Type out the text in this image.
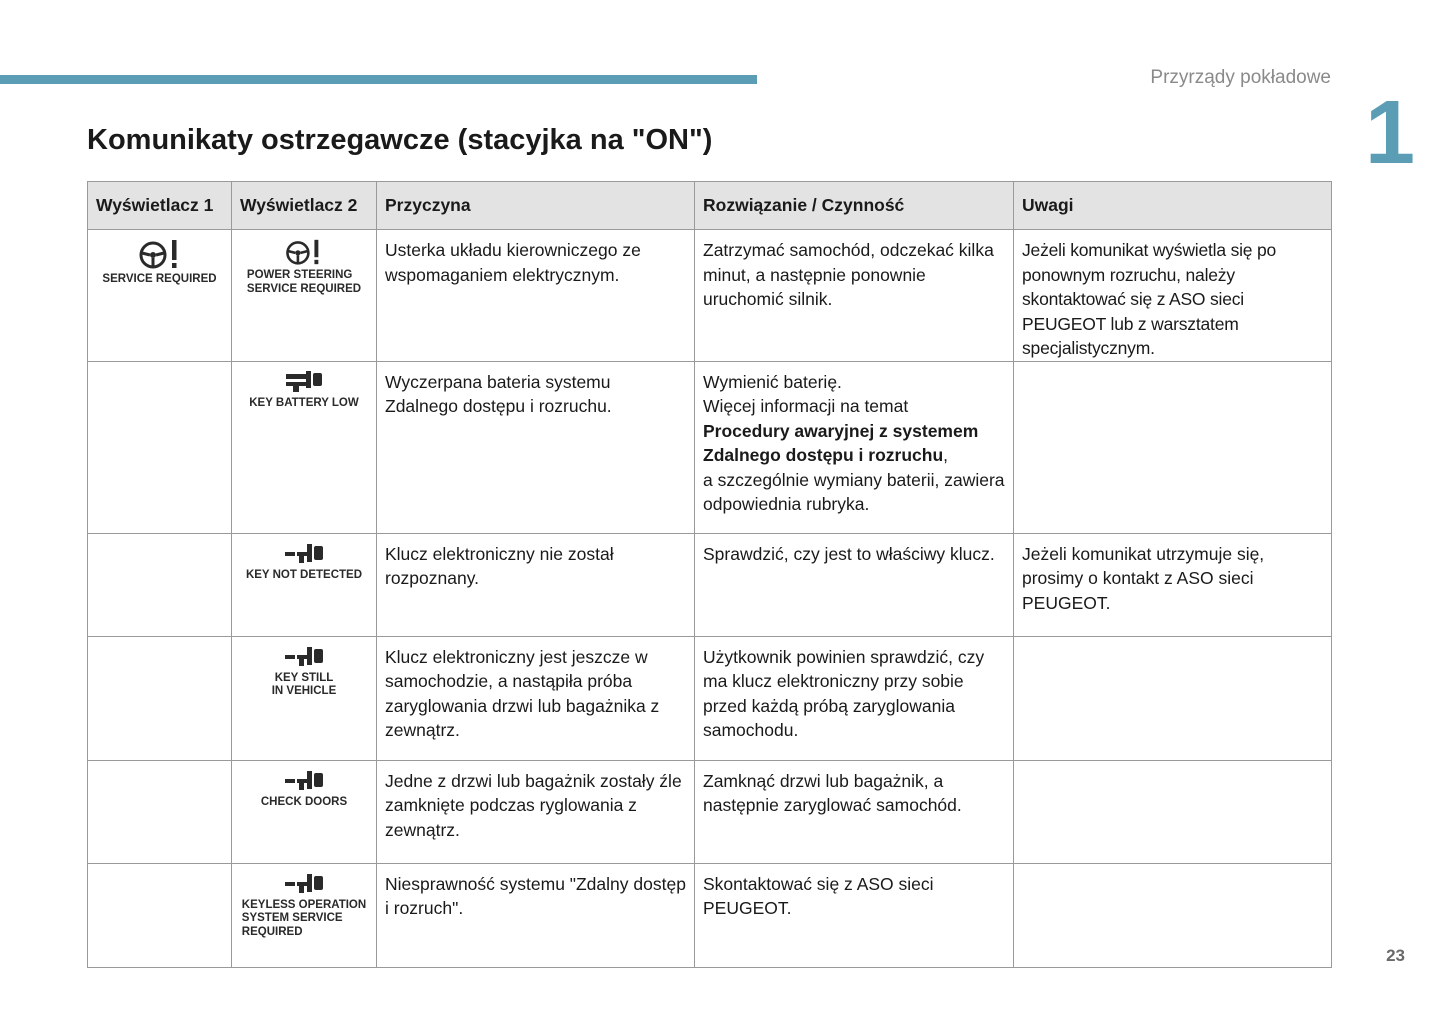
Przyrządy pokładowe
1
Komunikaty ostrzegawcze (stacyjka na "ON")
Wyświetlacz 1	Wyświetlacz 2	Przyczyna	Rozwiązanie / Czynność	Uwagi

SERVICE REQUIRED	POWER STEERING
SERVICE REQUIRED	Usterka układu kierowniczego ze wspomaganiem elektrycznym.	Zatrzymać samochód, odczekać kilka minut, a następnie ponownie uruchomić silnik.	Jeżeli komunikat wyświetla się po ponownym rozruchu, należy skontaktować się z ASO sieci PEUGEOT lub z warsztatem specjalistycznym.

	KEY BATTERY LOW	Wyczerpana bateria systemu Zdalnego dostępu i rozruchu.	Wymienić baterię.
Więcej informacji na temat
Procedury awaryjnej z systemem Zdalnego dostępu i rozruchu,
a szczególnie wymiany baterii, zawiera odpowiednia rubryka.	

	KEY NOT DETECTED	Klucz elektroniczny nie został rozpoznany.	Sprawdzić, czy jest to właściwy klucz.	Jeżeli komunikat utrzymuje się, prosimy o kontakt z ASO sieci PEUGEOT.

	KEY STILL
IN VEHICLE	Klucz elektroniczny jest jeszcze w samochodzie, a nastąpiła próba zaryglowania drzwi lub bagażnika z zewnątrz.	Użytkownik powinien sprawdzić, czy ma klucz elektroniczny przy sobie przed każdą próbą zaryglowania samochodu.	

	CHECK DOORS	Jedne z drzwi lub bagażnik zostały źle zamknięte podczas ryglowania z zewnątrz.	Zamknąć drzwi lub bagażnik, a następnie zaryglować samochód.	

	KEYLESS OPERATION
SYSTEM SERVICE
REQUIRED	Niesprawność systemu "Zdalny dostęp i rozruch".	Skontaktować się z ASO sieci PEUGEOT.	
23
